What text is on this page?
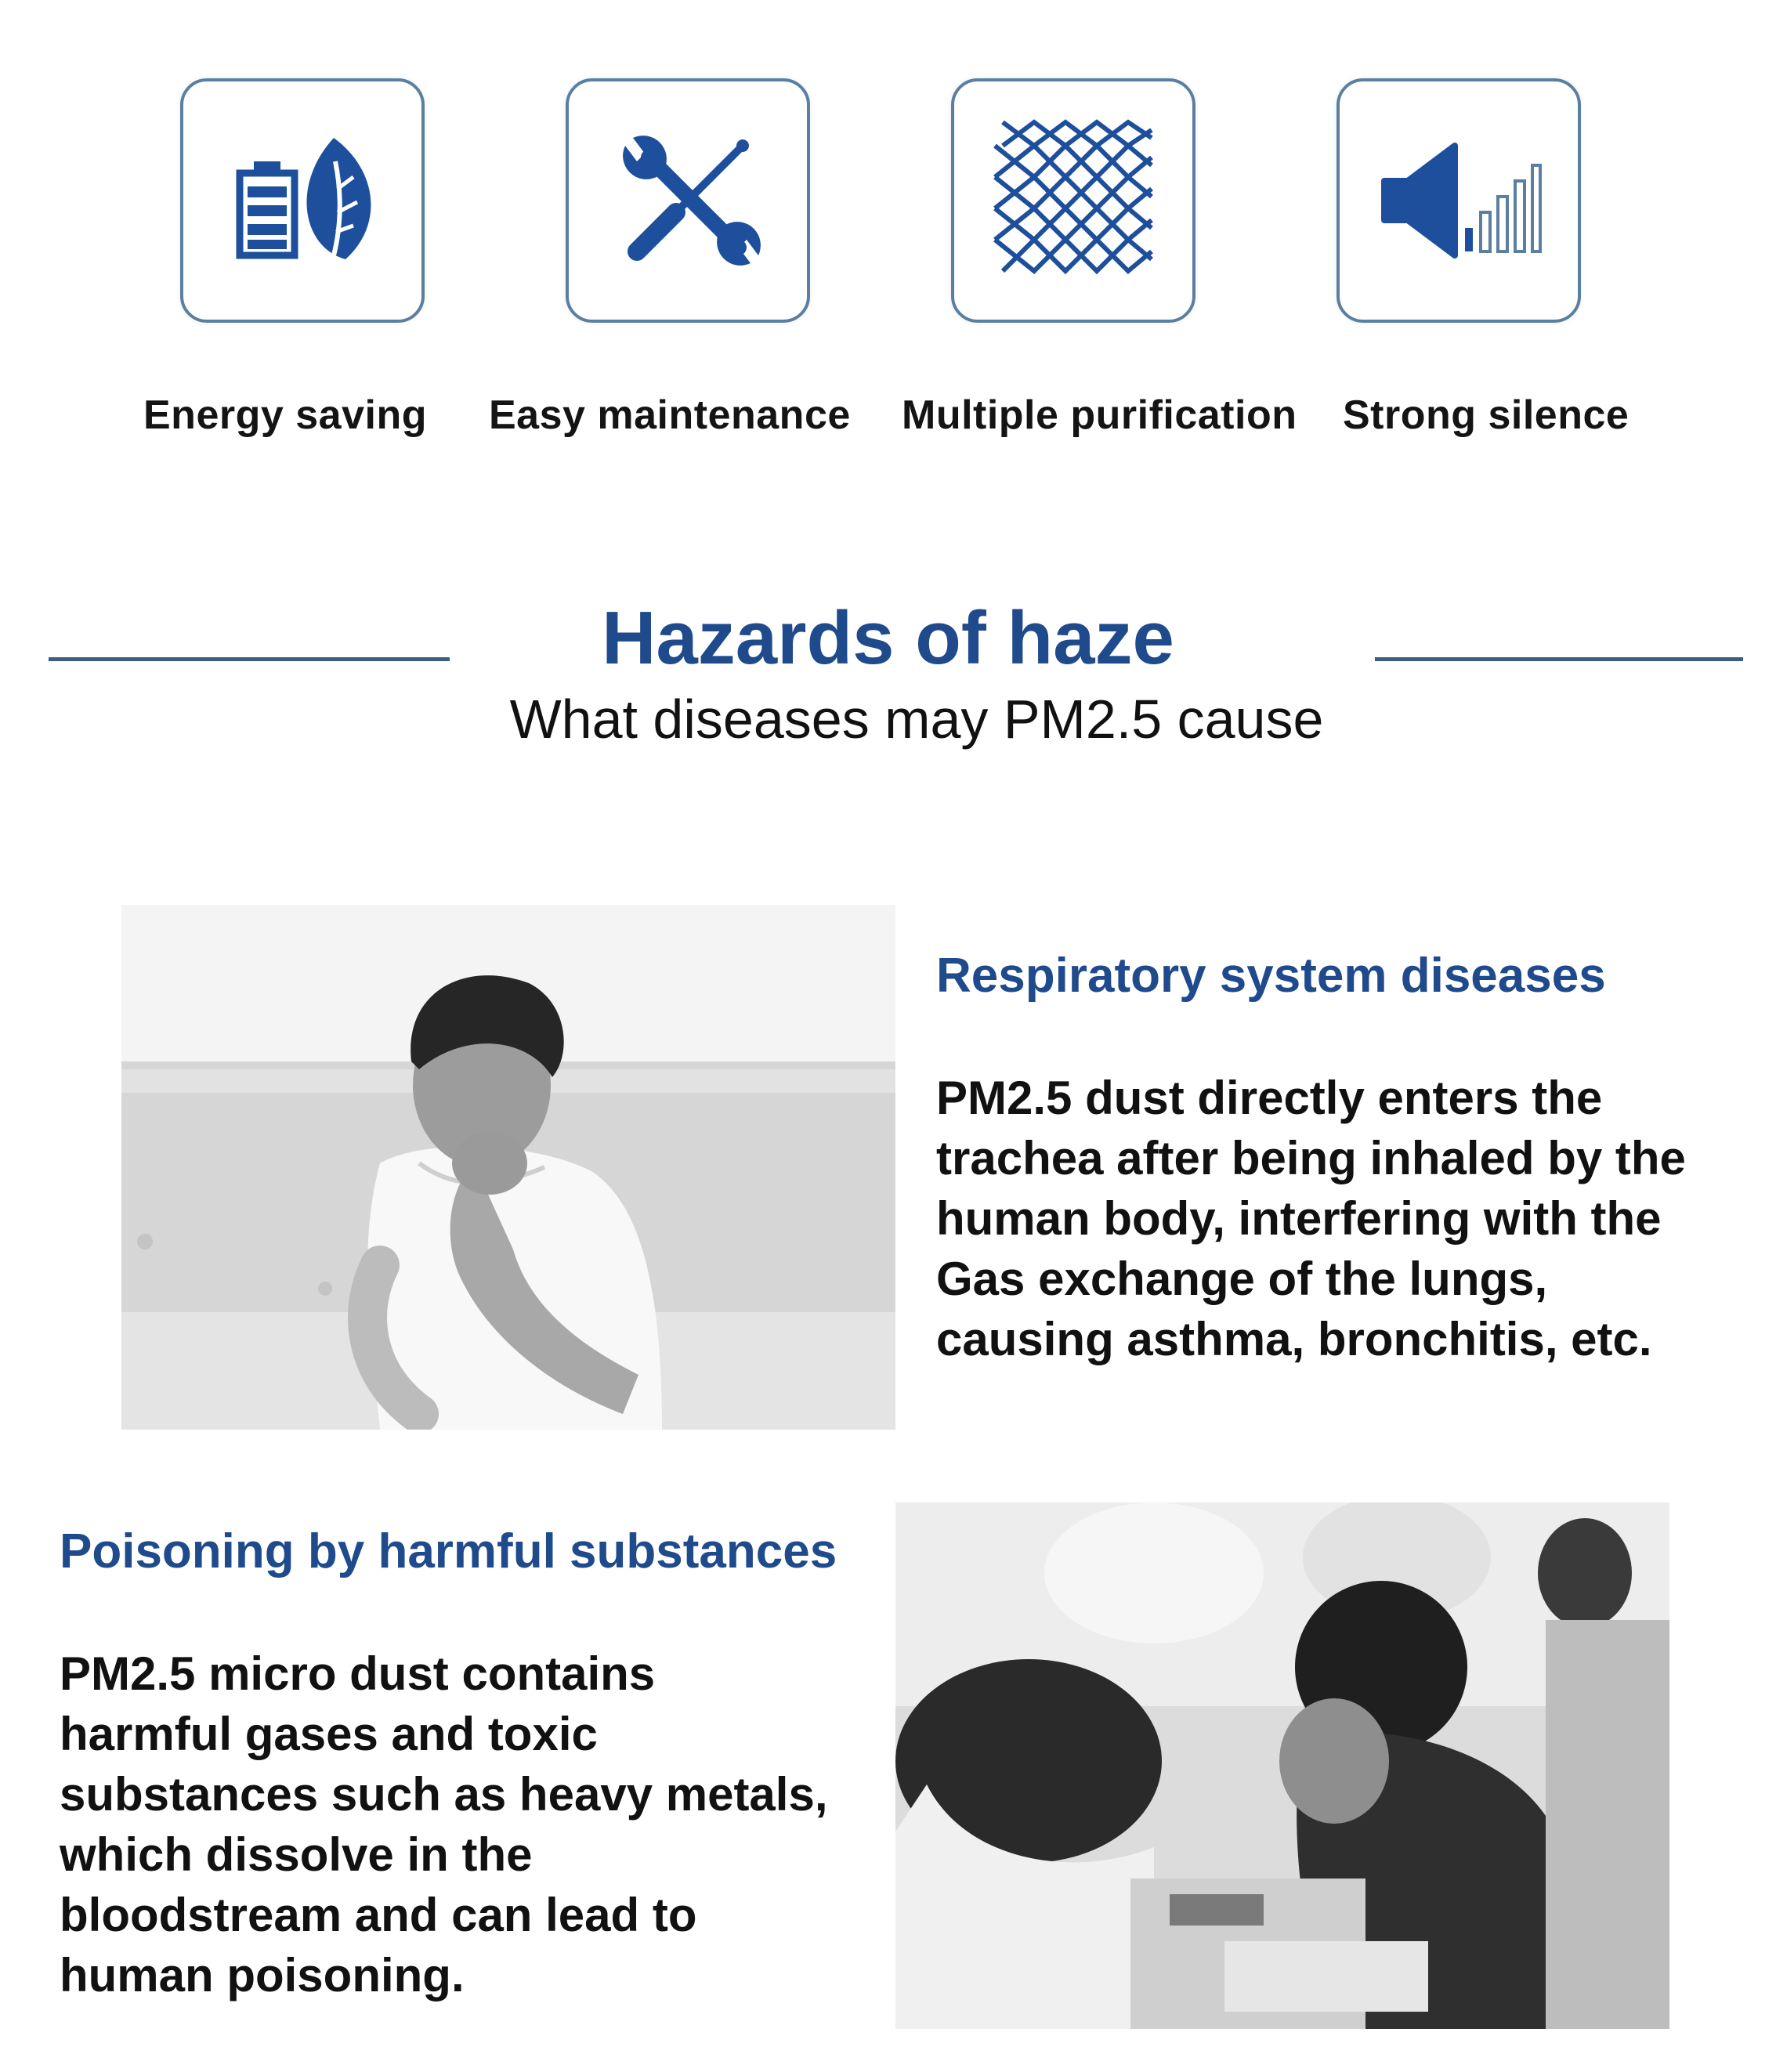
Energy saving Easy maintenance Multiple purification Strong silence
Hazards of haze
What diseases may PM2.5 cause
Respiratory system diseases

PM2.5 dust directly enters the
trachea after being inhaled by the
human body, interfering with the
Gas exchange of the lungs,
causing asthma, bronchitis, etc.

Poisoning by harmful substances

PM2.5 micro dust contains
harmful gases and toxic
substances such as heavy metals,
which dissolve in the
bloodstream and can lead to
human poisoning.
